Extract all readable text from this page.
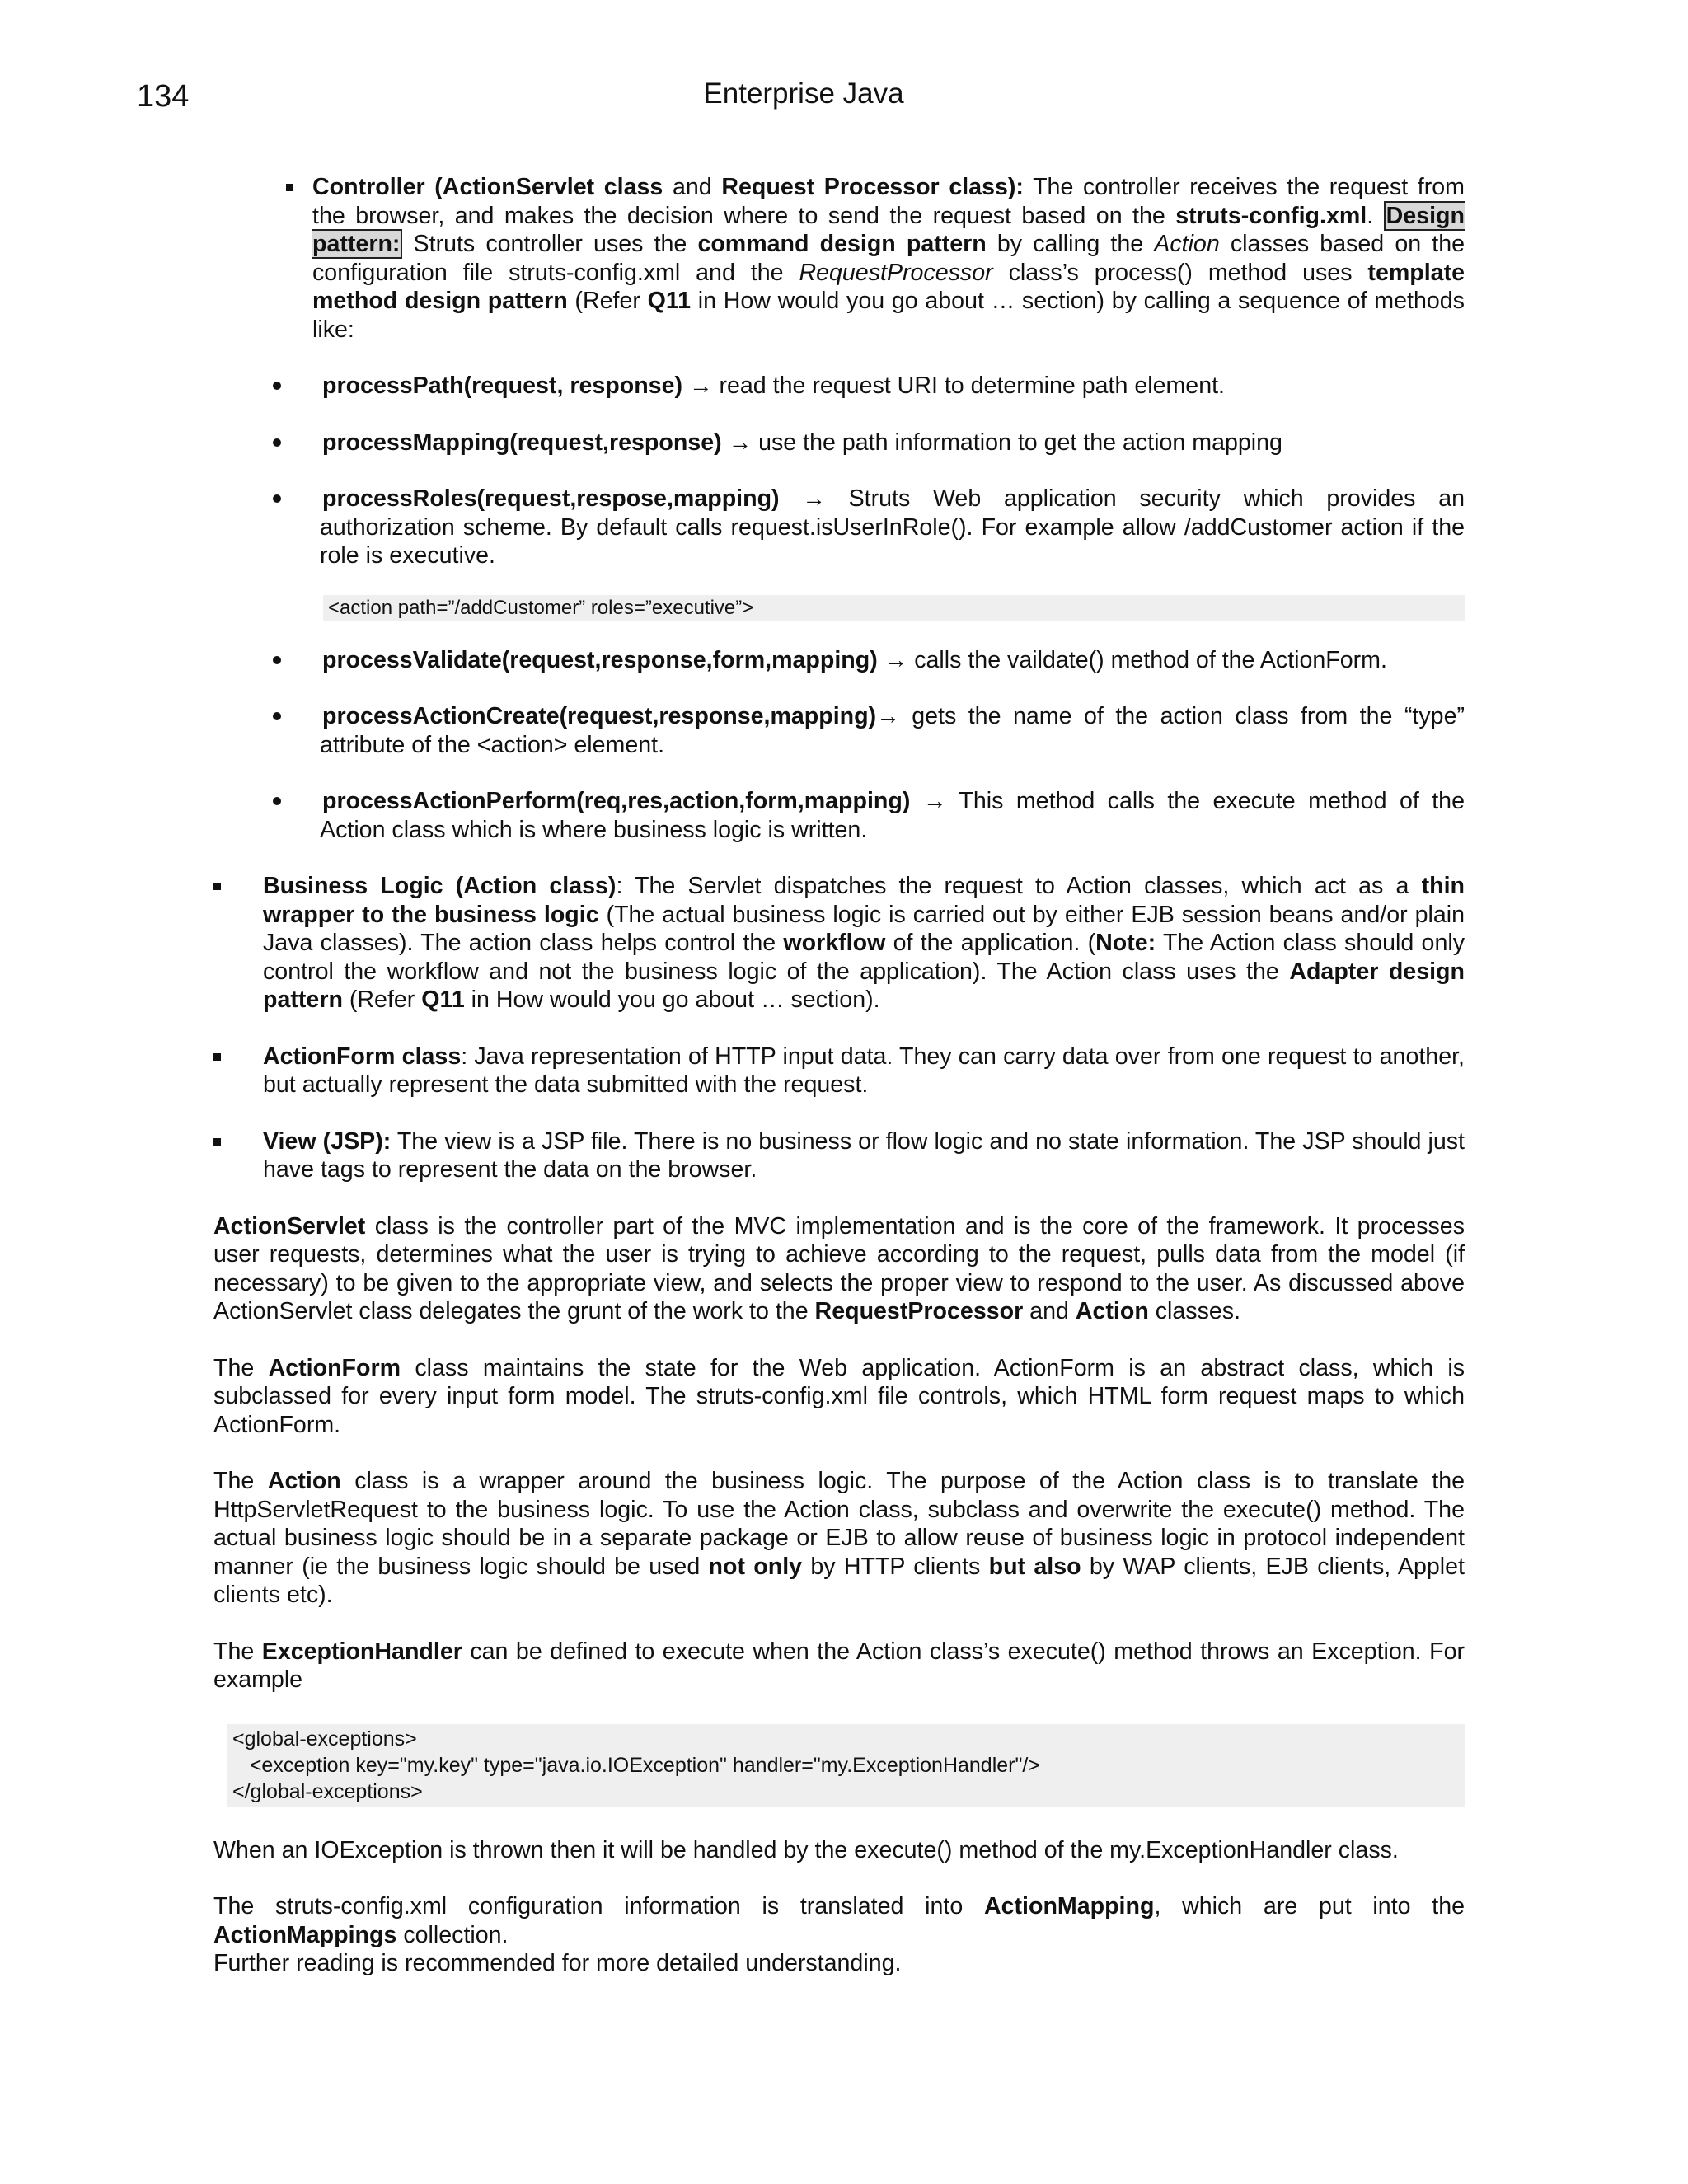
134	Enterprise Java

Controller (ActionServlet class and Request Processor class): The controller receives the request from the browser, and makes the decision where to send the request based on the struts-config.xml. Design pattern: Struts controller uses the command design pattern by calling the Action classes based on the configuration file struts-config.xml and the RequestProcessor class’s process() method uses template method design pattern (Refer Q11 in How would you go about … section) by calling a sequence of methods like:

processPath(request, response) → read the request URI to determine path element.

processMapping(request,response) → use the path information to get the action mapping

processRoles(request,respose,mapping) → Struts Web application security which provides an authorization scheme. By default calls request.isUserInRole(). For example allow /addCustomer action if the role is executive.

<action path=”/addCustomer” roles=”executive”>

processValidate(request,response,form,mapping) → calls the vaildate() method of the ActionForm.

processActionCreate(request,response,mapping)→ gets the name of the action class from the “type” attribute of the <action> element.

processActionPerform(req,res,action,form,mapping) → This method calls the execute method of the Action class which is where business logic is written.

Business Logic (Action class): The Servlet dispatches the request to Action classes, which act as a thin wrapper to the business logic (The actual business logic is carried out by either EJB session beans and/or plain Java classes). The action class helps control the workflow of the application. (Note: The Action class should only control the workflow and not the business logic of the application). The Action class uses the Adapter design pattern (Refer Q11 in How would you go about … section).

ActionForm class: Java representation of HTTP input data. They can carry data over from one request to another, but actually represent the data submitted with the request.

View (JSP): The view is a JSP file. There is no business or flow logic and no state information. The JSP should just have tags to represent the data on the browser.

ActionServlet class is the controller part of the MVC implementation and is the core of the framework. It processes user requests, determines what the user is trying to achieve according to the request, pulls data from the model (if necessary) to be given to the appropriate view, and selects the proper view to respond to the user. As discussed above ActionServlet class delegates the grunt of the work to the RequestProcessor and Action classes.

The ActionForm class maintains the state for the Web application. ActionForm is an abstract class, which is subclassed for every input form model. The struts-config.xml file controls, which HTML form request maps to which ActionForm.

The Action class is a wrapper around the business logic. The purpose of the Action class is to translate the HttpServletRequest to the business logic. To use the Action class, subclass and overwrite the execute() method. The actual business logic should be in a separate package or EJB to allow reuse of business logic in protocol independent manner (ie the business logic should be used not only by HTTP clients but also by WAP clients, EJB clients, Applet clients etc).

The ExceptionHandler can be defined to execute when the Action class’s execute() method throws an Exception. For example

<global-exceptions>
<exception key="my.key" type="java.io.IOException" handler="my.ExceptionHandler"/>
</global-exceptions>

When an IOException is thrown then it will be handled by the execute() method of the my.ExceptionHandler class.

The struts-config.xml configuration information is translated into ActionMapping, which are put into the ActionMappings collection.

Further reading is recommended for more detailed understanding.
